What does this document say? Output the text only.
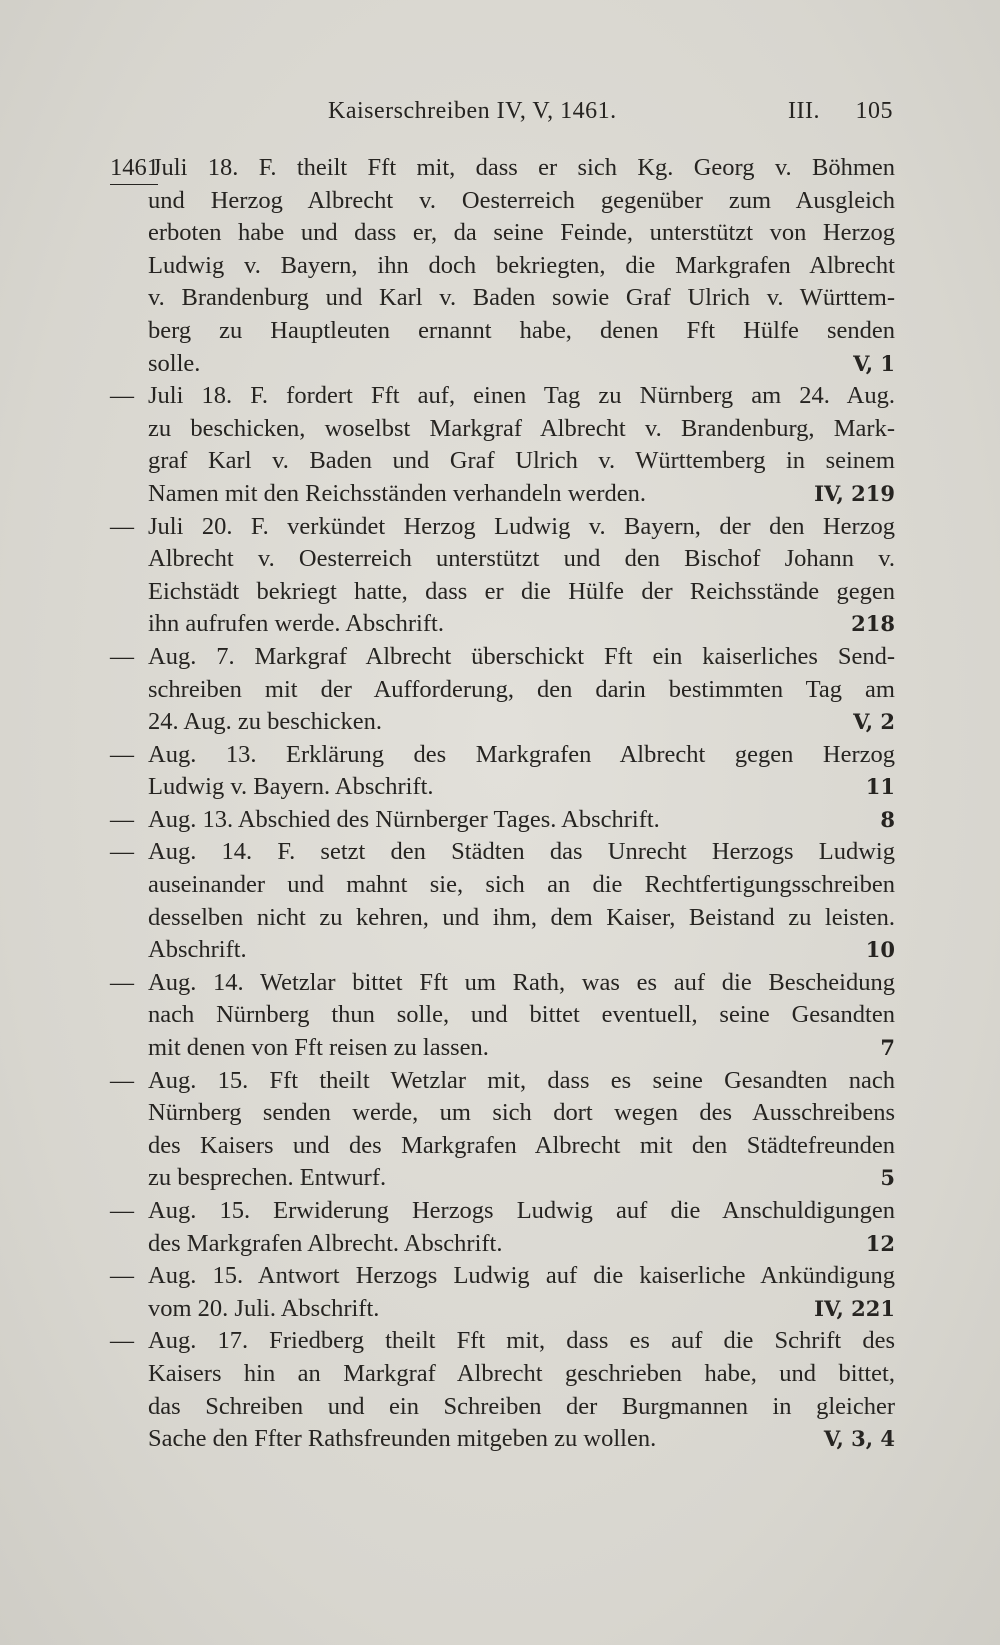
Kaiserschreiben IV, V, 1461.	III. 105
1461
Juli 18. F. theilt Fft mit, dass er sich Kg. Georg v. Böhmen
und Herzog Albrecht v. Oesterreich gegenüber zum Ausgleich
erboten habe und dass er, da seine Feinde, unterstützt von Herzog
Ludwig v. Bayern, ihn doch bekriegten, die Markgrafen Albrecht
v. Brandenburg und Karl v. Baden sowie Graf Ulrich v. Württem-
berg zu Hauptleuten ernannt habe, denen Fft Hülfe senden
solle.	V, 1
— Juli 18. F. fordert Fft auf, einen Tag zu Nürnberg am 24. Aug.
zu beschicken, woselbst Markgraf Albrecht v. Brandenburg, Mark-
graf Karl v. Baden und Graf Ulrich v. Württemberg in seinem
Namen mit den Reichsständen verhandeln werden.	IV, 219
— Juli 20. F. verkündet Herzog Ludwig v. Bayern, der den Herzog
Albrecht v. Oesterreich unterstützt und den Bischof Johann v.
Eichstädt bekriegt hatte, dass er die Hülfe der Reichsstände gegen
ihn aufrufen werde. Abschrift.	218
— Aug. 7. Markgraf Albrecht überschickt Fft ein kaiserliches Send-
schreiben mit der Aufforderung, den darin bestimmten Tag am
24. Aug. zu beschicken.	V, 2
— Aug. 13. Erklärung des Markgrafen Albrecht gegen Herzog
Ludwig v. Bayern. Abschrift.	11
— Aug. 13. Abschied des Nürnberger Tages. Abschrift.	8
— Aug. 14. F. setzt den Städten das Unrecht Herzogs Ludwig
auseinander und mahnt sie, sich an die Rechtfertigungsschreiben
desselben nicht zu kehren, und ihm, dem Kaiser, Beistand zu leisten.
Abschrift.	10
— Aug. 14. Wetzlar bittet Fft um Rath, was es auf die Bescheidung
nach Nürnberg thun solle, und bittet eventuell, seine Gesandten
mit denen von Fft reisen zu lassen.	7
— Aug. 15. Fft theilt Wetzlar mit, dass es seine Gesandten nach
Nürnberg senden werde, um sich dort wegen des Ausschreibens
des Kaisers und des Markgrafen Albrecht mit den Städtefreunden
zu besprechen. Entwurf.	5
— Aug. 15. Erwiderung Herzogs Ludwig auf die Anschuldigungen
des Markgrafen Albrecht. Abschrift.	12
— Aug. 15. Antwort Herzogs Ludwig auf die kaiserliche Ankündigung
vom 20. Juli. Abschrift.	IV, 221
— Aug. 17. Friedberg theilt Fft mit, dass es auf die Schrift des
Kaisers hin an Markgraf Albrecht geschrieben habe, und bittet,
das Schreiben und ein Schreiben der Burgmannen in gleicher
Sache den Ffter Rathsfreunden mitgeben zu wollen.	V, 3, 4
